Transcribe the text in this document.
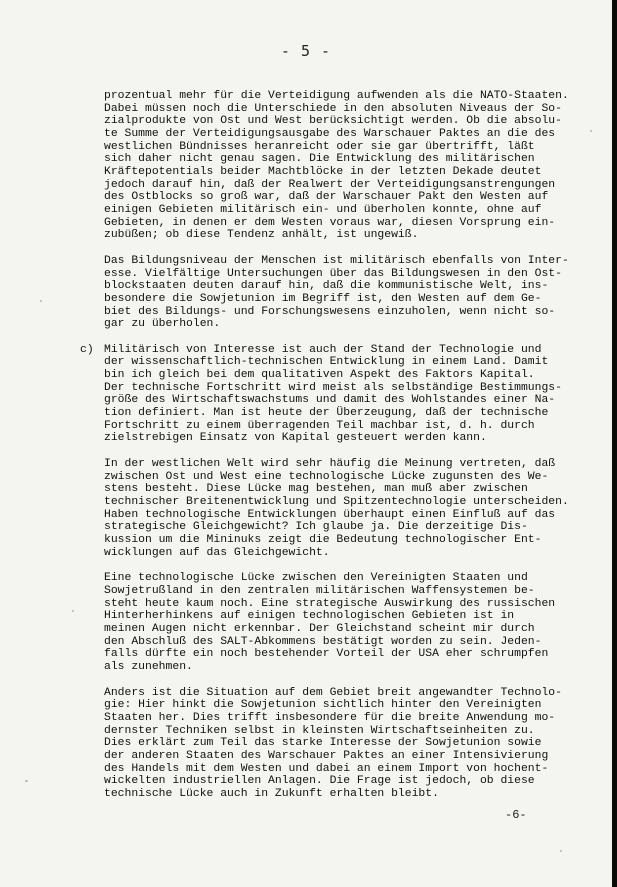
- 5 -
prozentual mehr für die Verteidigung aufwenden als die NATO-Staaten.
Dabei müssen noch die Unterschiede in den absoluten Niveaus der So-
zialprodukte von Ost und West berücksichtigt werden. Ob die absolu-
te Summe der Verteidigungsausgabe des Warschauer Paktes an die des
westlichen Bündnisses heranreicht oder sie gar übertrifft, läßt
sich daher nicht genau sagen. Die Entwicklung des militärischen
Kräftepotentials beider Machtblöcke in der letzten Dekade deutet
jedoch darauf hin, daß der Realwert der Verteidigungsanstrengungen
des Ostblocks so groß war, daß der Warschauer Pakt den Westen auf
einigen Gebieten militärisch ein- und überholen konnte, ohne auf
Gebieten, in denen er dem Westen voraus war, diesen Vorsprung ein-
zubüßen; ob diese Tendenz anhält, ist ungewiß.
Das Bildungsniveau der Menschen ist militärisch ebenfalls von Inter-
esse. Vielfältige Untersuchungen über das Bildungswesen in den Ost-
blockstaaten deuten darauf hin, daß die kommunistische Welt, ins-
besondere die Sowjetunion im Begriff ist, den Westen auf dem Ge-
biet des Bildungs- und Forschungswesens einzuholen, wenn nicht so-
gar zu überholen.
c) Militärisch von Interesse ist auch der Stand der Technologie und
der wissenschaftlich-technischen Entwicklung in einem Land. Damit
bin ich gleich bei dem qualitativen Aspekt des Faktors Kapital.
Der technische Fortschritt wird meist als selbständige Bestimmungs-
größe des Wirtschaftswachstums und damit des Wohlstandes einer Na-
tion definiert. Man ist heute der Überzeugung, daß der technische
Fortschritt zu einem überragenden Teil machbar ist, d. h. durch
zielstrebigen Einsatz von Kapital gesteuert werden kann.
In der westlichen Welt wird sehr häufig die Meinung vertreten, daß
zwischen Ost und West eine technologische Lücke zugunsten des We-
stens besteht. Diese Lücke mag bestehen, man muß aber zwischen
technischer Breitenentwicklung und Spitzentechnologie unterscheiden.
Haben technologische Entwicklungen überhaupt einen Einfluß auf das
strategische Gleichgewicht? Ich glaube ja. Die derzeitige Dis-
kussion um die Mininuks zeigt die Bedeutung technologischer Ent-
wicklungen auf das Gleichgewicht.
Eine technologische Lücke zwischen den Vereinigten Staaten und
Sowjetrußland in den zentralen militärischen Waffensystemen be-
steht heute kaum noch. Eine strategische Auswirkung des russischen
Hinterherhinkens auf einigen technologischen Gebieten ist in
meinen Augen nicht erkennbar. Der Gleichstand scheint mir durch
den Abschluß des SALT-Abkommens bestätigt worden zu sein. Jeden-
falls dürfte ein noch bestehender Vorteil der USA eher schrumpfen
als zunehmen.
Anders ist die Situation auf dem Gebiet breit angewandter Technolo-
gie: Hier hinkt die Sowjetunion sichtlich hinter den Vereinigten
Staaten her. Dies trifft insbesondere für die breite Anwendung mo-
dernster Techniken selbst in kleinsten Wirtschaftseinheiten zu.
Dies erklärt zum Teil das starke Interesse der Sowjetunion sowie
der anderen Staaten des Warschauer Paktes an einer Intensivierung
des Handels mit dem Westen und dabei an einem Import von hochent-
wickelten industriellen Anlagen. Die Frage ist jedoch, ob diese
technische Lücke auch in Zukunft erhalten bleibt.
-6-
